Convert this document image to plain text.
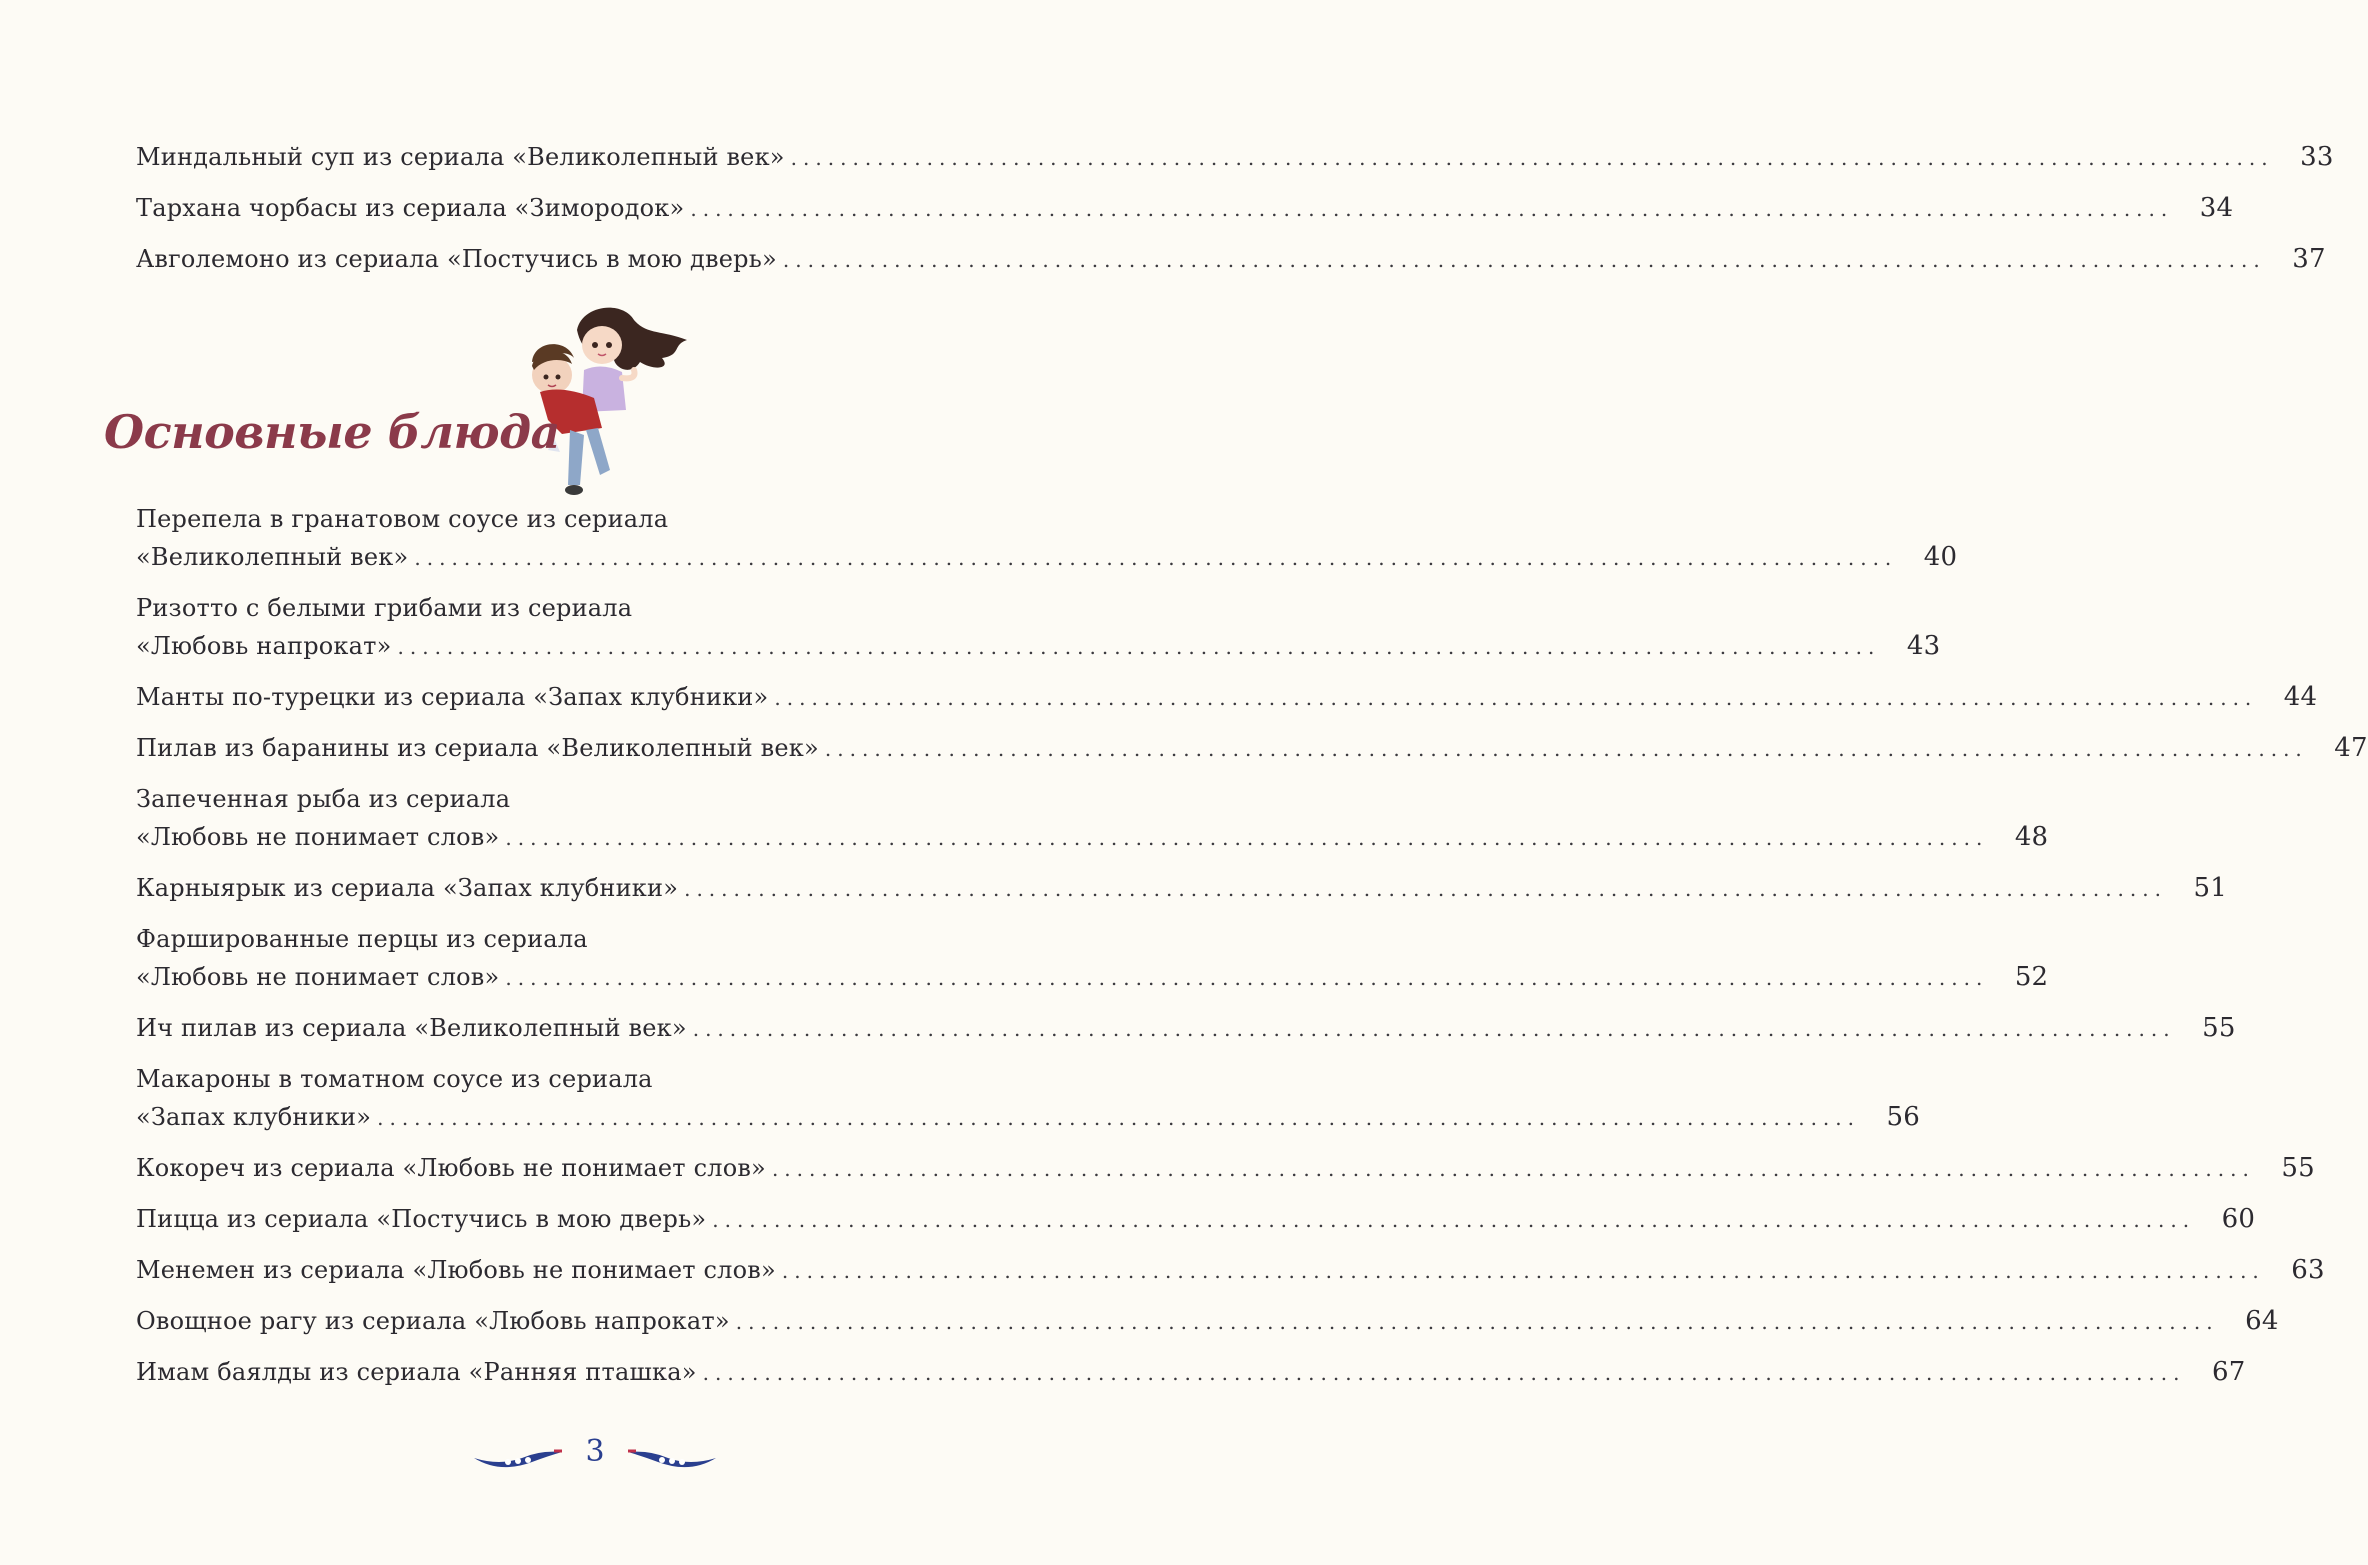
Миндальный суп из сериала «Великолепный век» ........................................................................................................................	33
Тархана чорбасы из сериала «Зимородок» ........................................................................................................................	34
Авголемоно из сериала «Постучись в мою дверь» ........................................................................................................................	37
Основные блюда
Перепела в гранатовом соусе из сериала
«Великолепный век» ........................................................................................................................	40
Ризотто с белыми грибами из сериала
«Любовь напрокат» ........................................................................................................................	43
Манты по-турецки из сериала «Запах клубники» ........................................................................................................................	44
Пилав из баранины из сериала «Великолепный век» ........................................................................................................................	47
Запеченная рыба из сериала
«Любовь не понимает слов» ........................................................................................................................	48
Карныярык из сериала «Запах клубники» ........................................................................................................................	51
Фаршированные перцы из сериала
«Любовь не понимает слов» ........................................................................................................................	52
Ич пилав из сериала «Великолепный век» ........................................................................................................................	55
Макароны в томатном соусе из сериала
«Запах клубники» ........................................................................................................................	56
Кокореч из сериала «Любовь не понимает слов» ........................................................................................................................	55
Пицца из сериала «Постучись в мою дверь» ........................................................................................................................	60
Менемен из сериала «Любовь не понимает слов» ........................................................................................................................	63
Овощное рагу из сериала «Любовь напрокат» ........................................................................................................................	64
Имам баялды из сериала «Ранняя пташка» ........................................................................................................................	67
3
